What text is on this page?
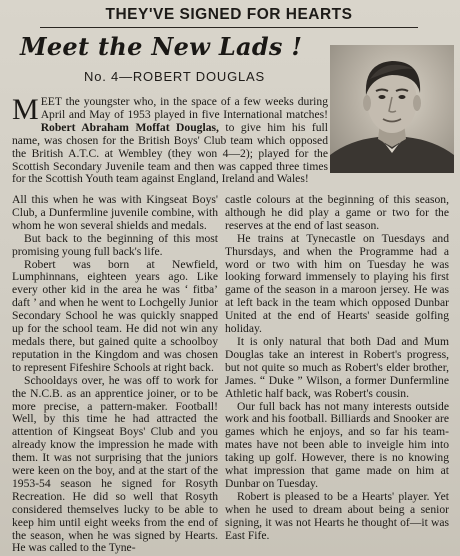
THEY'VE SIGNED FOR HEARTS
Meet the New Lads !
No. 4—ROBERT DOUGLAS

MEET the youngster who, in the space of a few weeks during April and May of 1953 played in five International matches! Robert Abraham Moffat Douglas, to give him his full name, was chosen for the British Boys' Club team which opposed the British A.T.C. at Wembley (they won 4—2); played for the Scottish Secondary Juvenile team and then was capped three times for the Scottish Youth team against England, Ireland and Wales!

All this when he was with Kingseat Boys' Club, a Dunfermline juvenile combine, with whom he won several shields and medals.

But back to the beginning of this most promising young full back's life.

Robert was born at Newfield, Lumphinnans, eighteen years ago. Like every other kid in the area he was ‘ fitba’ daft ’ and when he went to Lochgelly Junior Secondary School he was quickly snapped up for the school team. He did not win any medals there, but gained quite a schoolboy reputation in the Kingdom and was chosen to represent Fifeshire Schools at right back.

Schooldays over, he was off to work for the N.C.B. as an apprentice joiner, or to be more precise, a pattern-maker. Football! Well, by this time he had attracted the attention of Kingseat Boys' Club and you already know the impression he made with them. It was not surprising that the juniors were keen on the boy, and at the start of the 1953-54 season he signed for Rosyth Recreation. He did so well that Rosyth considered themselves lucky to be able to keep him until eight weeks from the end of the season, when he was signed by Hearts. He was called to the Tyne-

castle colours at the beginning of this season, although he did play a game or two for the reserves at the end of last season.

He trains at Tynecastle on Tuesdays and Thursdays, and when the Programme had a word or two with him on Tuesday he was looking forward immensely to playing his first game of the season in a maroon jersey. He was at left back in the team which opposed Dunbar United at the end of Hearts' seaside golfing holiday.

It is only natural that both Dad and Mum Douglas take an interest in Robert's progress, but not quite so much as Robert's elder brother, James. “ Duke ” Wilson, a former Dunfermline Athletic half back, was Robert's cousin.

Our full back has not many interests outside work and his football. Billiards and Snooker are games which he enjoys, and so far his team-mates have not been able to inveigle him into taking up golf. However, there is no knowing what impression that game made on him at Dunbar on Tuesday.

Robert is pleased to be a Hearts' player. Yet when he used to dream about being a senior signing, it was not Hearts he thought of—it was East Fife.
